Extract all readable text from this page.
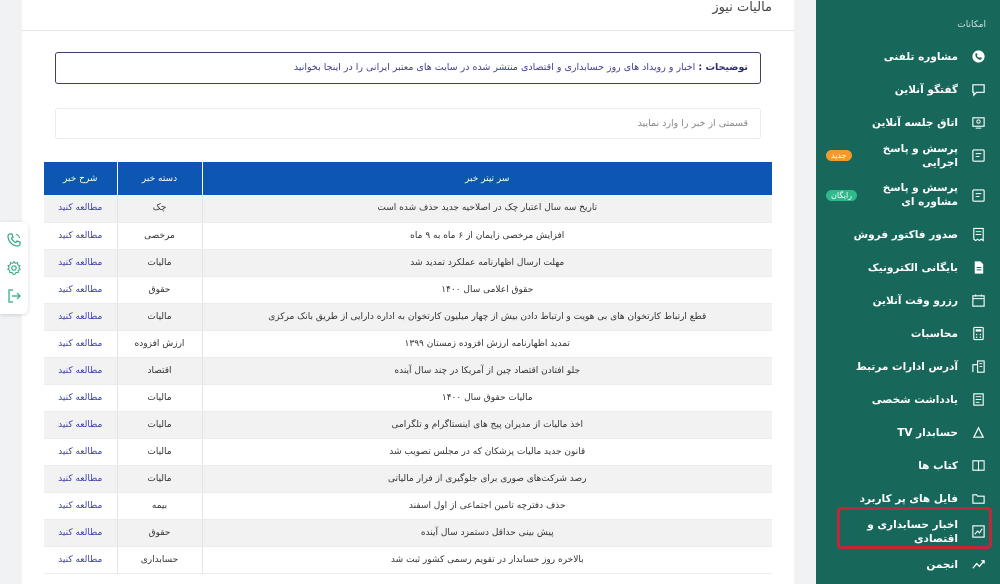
مالیات نیوز
توضیحات : اخبار و رویداد های روز حسابداری و اقتصادی منتشر شده در سایت های معتبر ایرانی را در اینجا بخوانید
قسمتی از خبر را وارد نمایید
سر تیتر خبر	دسته خبر	شرح خبر
تاریخ سه سال اعتبار چک در اصلاحیه جدید حذف شده است	چک	مطالعه کنید
افزایش مرخصی زایمان از ۶ ماه به ۹ ماه	مرخصی	مطالعه کنید
مهلت ارسال اظهارنامه عملکرد تمدید شد	مالیات	مطالعه کنید
حقوق اعلامی سال ۱۴۰۰	حقوق	مطالعه کنید
قطع ارتباط کارتخوان های بی هویت و ارتباط دادن بیش از چهار میلیون کارتخوان به اداره دارایی از طریق بانک مرکزی	مالیات	مطالعه کنید
تمدید اظهارنامه ارزش افزوده زمستان ۱۳۹۹	ارزش افزوده	مطالعه کنید
جلو افتادن اقتصاد چین از آمریکا در چند سال آینده	اقتصاد	مطالعه کنید
مالیات حقوق سال ۱۴۰۰	مالیات	مطالعه کنید
اخذ مالیات از مدیران پیج های اینستاگرام و تلگرامی	مالیات	مطالعه کنید
قانون جدید مالیات پزشکان که در مجلس تصویب شد	مالیات	مطالعه کنید
رصد شرکت‌های صوری برای جلوگیری از فرار مالیاتی	مالیات	مطالعه کنید
حذف دفترچه تامین اجتماعی از اول اسفند	بیمه	مطالعه کنید
پیش بینی حداقل دستمزد سال آینده	حقوق	مطالعه کنید
بالاخره روز حسابدار در تقویم رسمی کشور ثبت شد	حسابداری	مطالعه کنید
امکانات
مشاوره تلفنی
گفتگو آنلاین
اتاق جلسه آنلاین
پرسش و پاسخ اجرایی
جدید
پرسش و پاسخ مشاوره ای
رایگان
صدور فاکتور فروش
بایگانی الکترونیک
رزرو وقت آنلاین
محاسبات
آدرس ادارات مرتبط
یادداشت شخصی
حسابدار TV
کتاب ها
فایل های پر کاربرد
اخبار حسابداری و اقتصادی
انجمن
